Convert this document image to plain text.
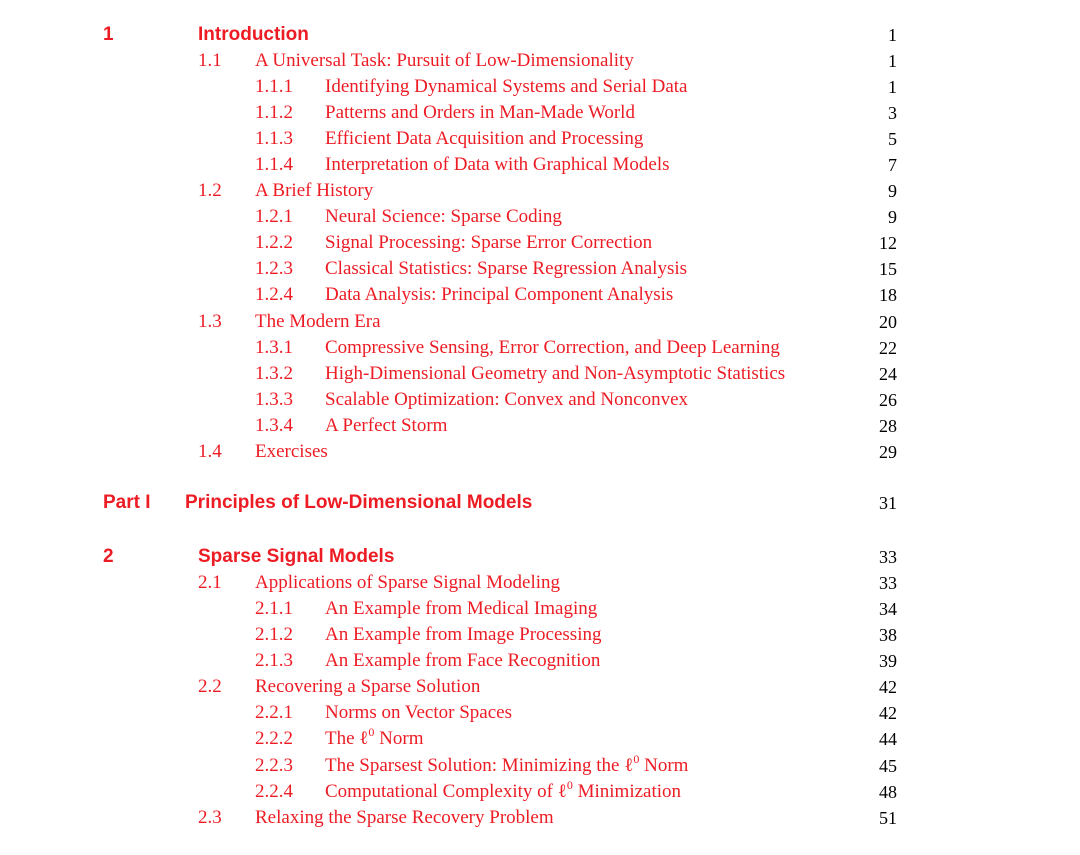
1	Introduction	1
1.1 A Universal Task: Pursuit of Low-Dimensionality	1
1.1.1 Identifying Dynamical Systems and Serial Data	1
1.1.2 Patterns and Orders in Man-Made World	3
1.1.3 Efficient Data Acquisition and Processing	5
1.1.4 Interpretation of Data with Graphical Models	7
1.2 A Brief History	9
1.2.1 Neural Science: Sparse Coding	9
1.2.2 Signal Processing: Sparse Error Correction	12
1.2.3 Classical Statistics: Sparse Regression Analysis	15
1.2.4 Data Analysis: Principal Component Analysis	18
1.3 The Modern Era	20
1.3.1 Compressive Sensing, Error Correction, and Deep Learning	22
1.3.2 High-Dimensional Geometry and Non-Asymptotic Statistics	24
1.3.3 Scalable Optimization: Convex and Nonconvex	26
1.3.4 A Perfect Storm	28
1.4 Exercises	29
Part I Principles of Low-Dimensional Models	31
2	Sparse Signal Models	33
2.1 Applications of Sparse Signal Modeling	33
2.1.1 An Example from Medical Imaging	34
2.1.2 An Example from Image Processing	38
2.1.3 An Example from Face Recognition	39
2.2 Recovering a Sparse Solution	42
2.2.1 Norms on Vector Spaces	42
2.2.2 The ℓ$^0$ Norm	44
2.2.3 The Sparsest Solution: Minimizing the ℓ$^0$ Norm	45
2.2.4 Computational Complexity of ℓ$^0$ Minimization	48
2.3 Relaxing the Sparse Recovery Problem	51
